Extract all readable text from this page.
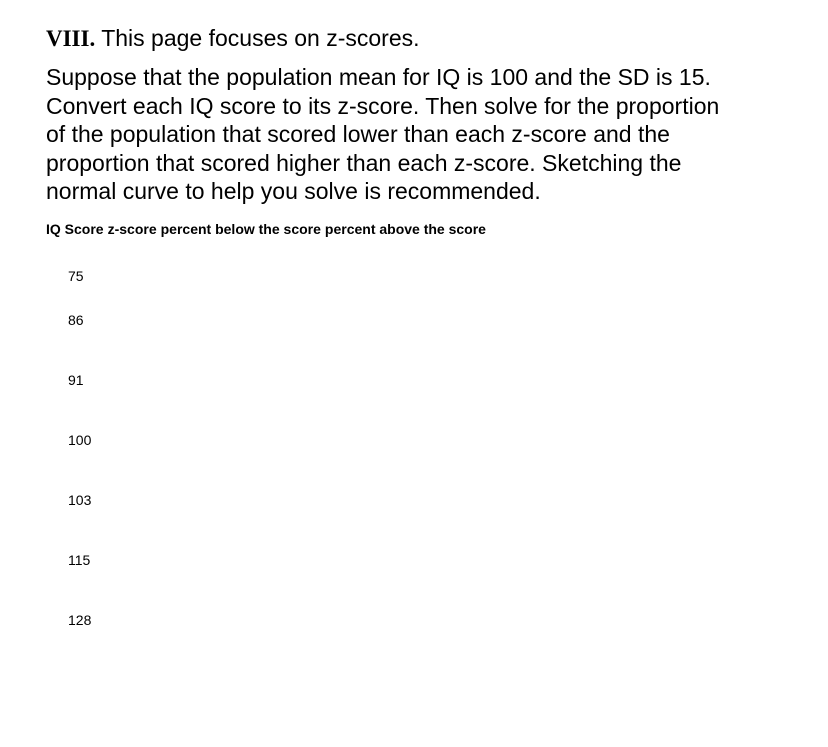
VIII. This page focuses on z-scores.

Suppose that the population mean for IQ is 100 and the SD is 15.
Convert each IQ score to its z-score. Then solve for the proportion
of the population that scored lower than each z-score and the
proportion that scored higher than each z-score. Sketching the
normal curve to help you solve is recommended.

IQ Score	z-score	percent below the score	percent above the score
75			
86			
91			
100			
103			
115			
128			
